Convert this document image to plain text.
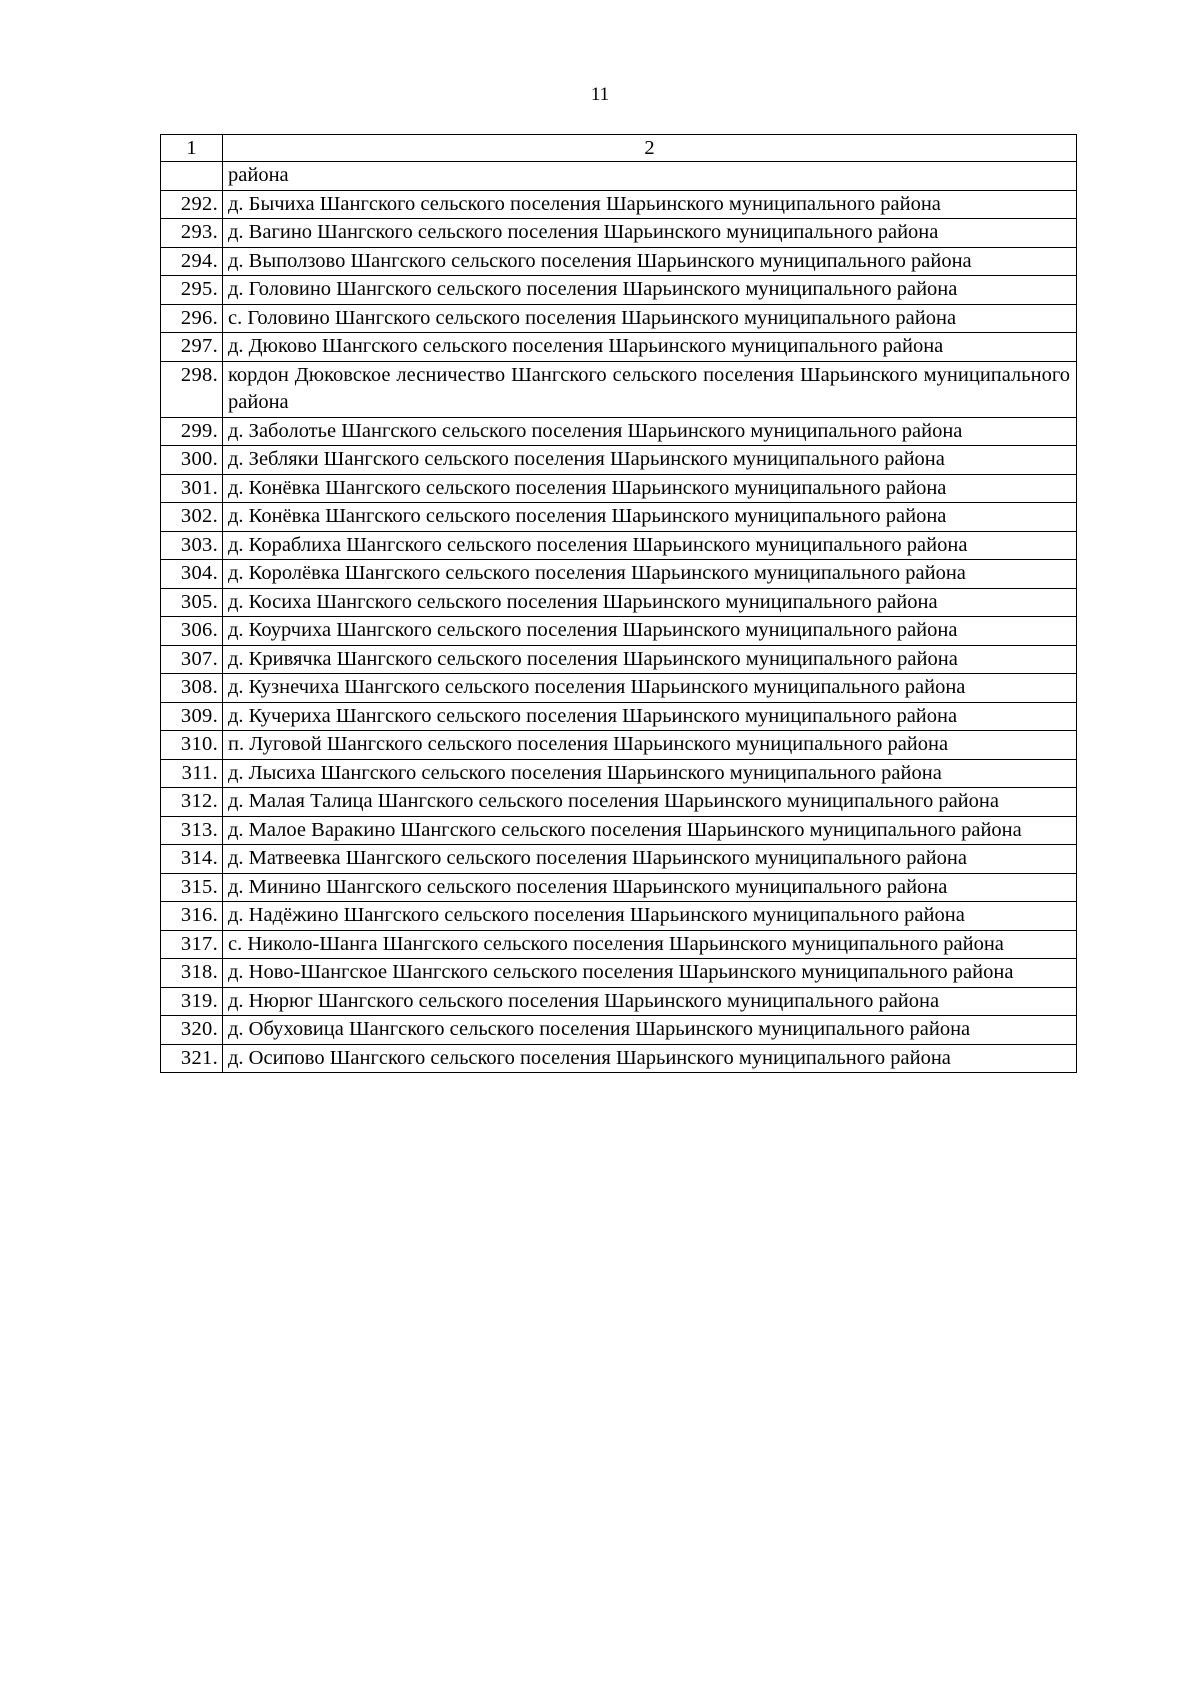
11
1	2
	района
292.	д. Бычиха Шангского сельского поселения Шарьинского муниципального района
293.	д. Вагино Шангского сельского поселения Шарьинского муниципального района
294.	д. Выползово Шангского сельского поселения Шарьинского муниципального района
295.	д. Головино Шангского сельского поселения Шарьинского муниципального района
296.	с. Головино Шангского сельского поселения Шарьинского муниципального района
297.	д. Дюково Шангского сельского поселения Шарьинского муниципального района
298.	кордон Дюковское лесничество Шангского сельского поселения Шарьинского муниципального района
299.	д. Заболотье Шангского сельского поселения Шарьинского муниципального района
300.	д. Зебляки Шангского сельского поселения Шарьинского муниципального района
301.	д. Конёвка Шангского сельского поселения Шарьинского муниципального района
302.	д. Конёвка Шангского сельского поселения Шарьинского муниципального района
303.	д. Кораблиха Шангского сельского поселения Шарьинского муниципального района
304.	д. Королёвка Шангского сельского поселения Шарьинского муниципального района
305.	д. Косиха Шангского сельского поселения Шарьинского муниципального района
306.	д. Коурчиха Шангского сельского поселения Шарьинского муниципального района
307.	д. Кривячка Шангского сельского поселения Шарьинского муниципального района
308.	д. Кузнечиха Шангского сельского поселения Шарьинского муниципального района
309.	д. Кучериха Шангского сельского поселения Шарьинского муниципального района
310.	п. Луговой Шангского сельского поселения Шарьинского муниципального района
311.	д. Лысиха Шангского сельского поселения Шарьинского муниципального района
312.	д. Малая Талица Шангского сельского поселения Шарьинского муниципального района
313.	д. Малое Варакино Шангского сельского поселения Шарьинского муниципального района
314.	д. Матвеевка Шангского сельского поселения Шарьинского муниципального района
315.	д. Минино Шангского сельского поселения Шарьинского муниципального района
316.	д. Надёжино Шангского сельского поселения Шарьинского муниципального района
317.	с. Николо-Шанга Шангского сельского поселения Шарьинского муниципального района
318.	д. Ново-Шангское Шангского сельского поселения Шарьинского муниципального района
319.	д. Нюрюг Шангского сельского поселения Шарьинского муниципального района
320.	д. Обуховица Шангского сельского поселения Шарьинского муниципального района
321.	д. Осипово Шангского сельского поселения Шарьинского муниципального района
